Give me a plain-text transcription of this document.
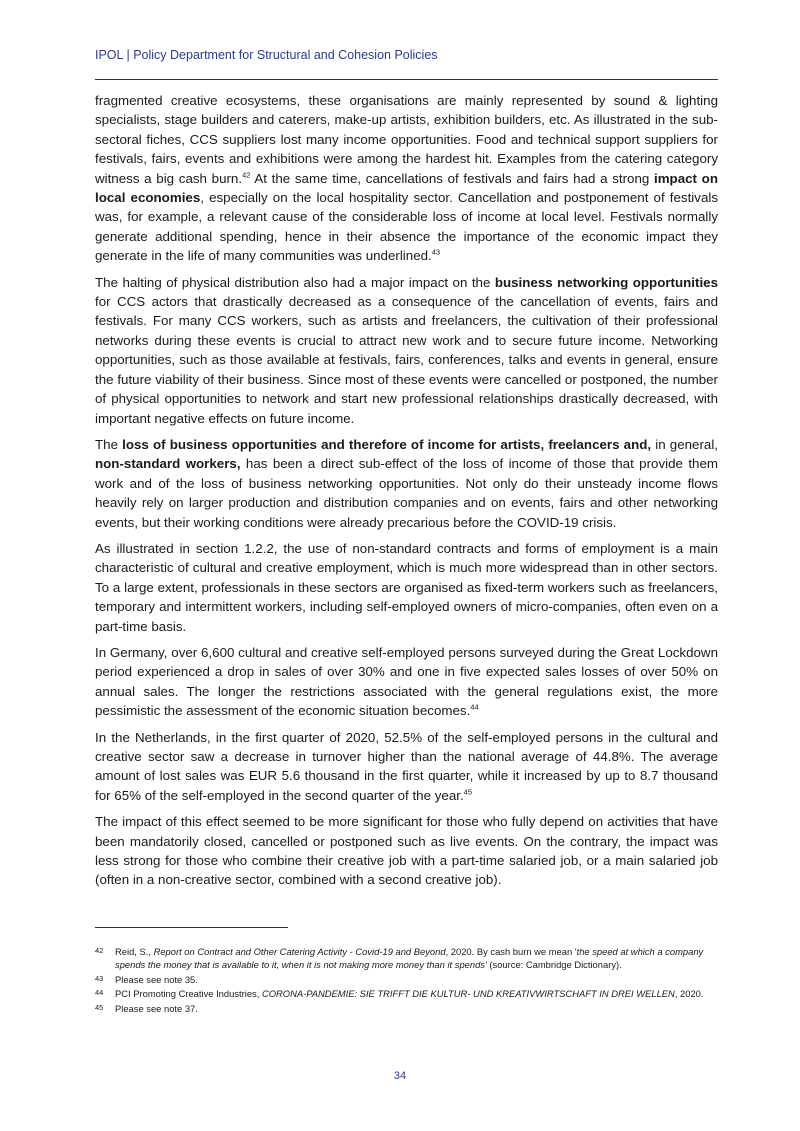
IPOL | Policy Department for Structural and Cohesion Policies

fragmented creative ecosystems, these organisations are mainly represented by sound & lighting specialists, stage builders and caterers, make-up artists, exhibition builders, etc. As illustrated in the sub-sectoral fiches, CCS suppliers lost many income opportunities. Food and technical support suppliers for festivals, fairs, events and exhibitions were among the hardest hit. Examples from the catering category witness a big cash burn.$^{42}$ At the same time, cancellations of festivals and fairs had a strong impact on local economies, especially on the local hospitality sector. Cancellation and postponement of festivals was, for example, a relevant cause of the considerable loss of income at local level. Festivals normally generate additional spending, hence in their absence the importance of the economic impact they generate in the life of many communities was underlined.$^{43}$

The halting of physical distribution also had a major impact on the business networking opportunities for CCS actors that drastically decreased as a consequence of the cancellation of events, fairs and festivals. For many CCS workers, such as artists and freelancers, the cultivation of their professional networks during these events is crucial to attract new work and to secure future income. Networking opportunities, such as those available at festivals, fairs, conferences, talks and events in general, ensure the future viability of their business. Since most of these events were cancelled or postponed, the number of physical opportunities to network and start new professional relationships drastically decreased, with important negative effects on future income.

The loss of business opportunities and therefore of income for artists, freelancers and, in general, non-standard workers, has been a direct sub-effect of the loss of income of those that provide them work and of the loss of business networking opportunities. Not only do their unsteady income flows heavily rely on larger production and distribution companies and on events, fairs and other networking events, but their working conditions were already precarious before the COVID-19 crisis.

As illustrated in section 1.2.2, the use of non-standard contracts and forms of employment is a main characteristic of cultural and creative employment, which is much more widespread than in other sectors. To a large extent, professionals in these sectors are organised as fixed-term workers such as freelancers, temporary and intermittent workers, including self-employed owners of micro-companies, often even on a part-time basis.

In Germany, over 6,600 cultural and creative self-employed persons surveyed during the Great Lockdown period experienced a drop in sales of over 30% and one in five expected sales losses of over 50% on annual sales. The longer the restrictions associated with the general regulations exist, the more pessimistic the assessment of the economic situation becomes.$^{44}$

In the Netherlands, in the first quarter of 2020, 52.5% of the self-employed persons in the cultural and creative sector saw a decrease in turnover higher than the national average of 44.8%. The average amount of lost sales was EUR 5.6 thousand in the first quarter, while it increased by up to 8.7 thousand for 65% of the self-employed in the second quarter of the year.$^{45}$

The impact of this effect seemed to be more significant for those who fully depend on activities that have been mandatorily closed, cancelled or postponed such as live events. On the contrary, the impact was less strong for those who combine their creative job with a part-time salaried job, or a main salaried job (often in a non-creative sector, combined with a second creative job).

42	Reid, S., Report on Contract and Other Catering Activity - Covid-19 and Beyond, 2020. By cash burn we mean 'the speed at which a company spends the money that is available to it, when it is not making more money than it spends' (source: Cambridge Dictionary).
43	Please see note 35.
44	PCI Promoting Creative Industries, CORONA-PANDEMIE: SIE TRIFFT DIE KULTUR- UND KREATIVWIRTSCHAFT IN DREI WELLEN, 2020.
45	Please see note 37.
34
